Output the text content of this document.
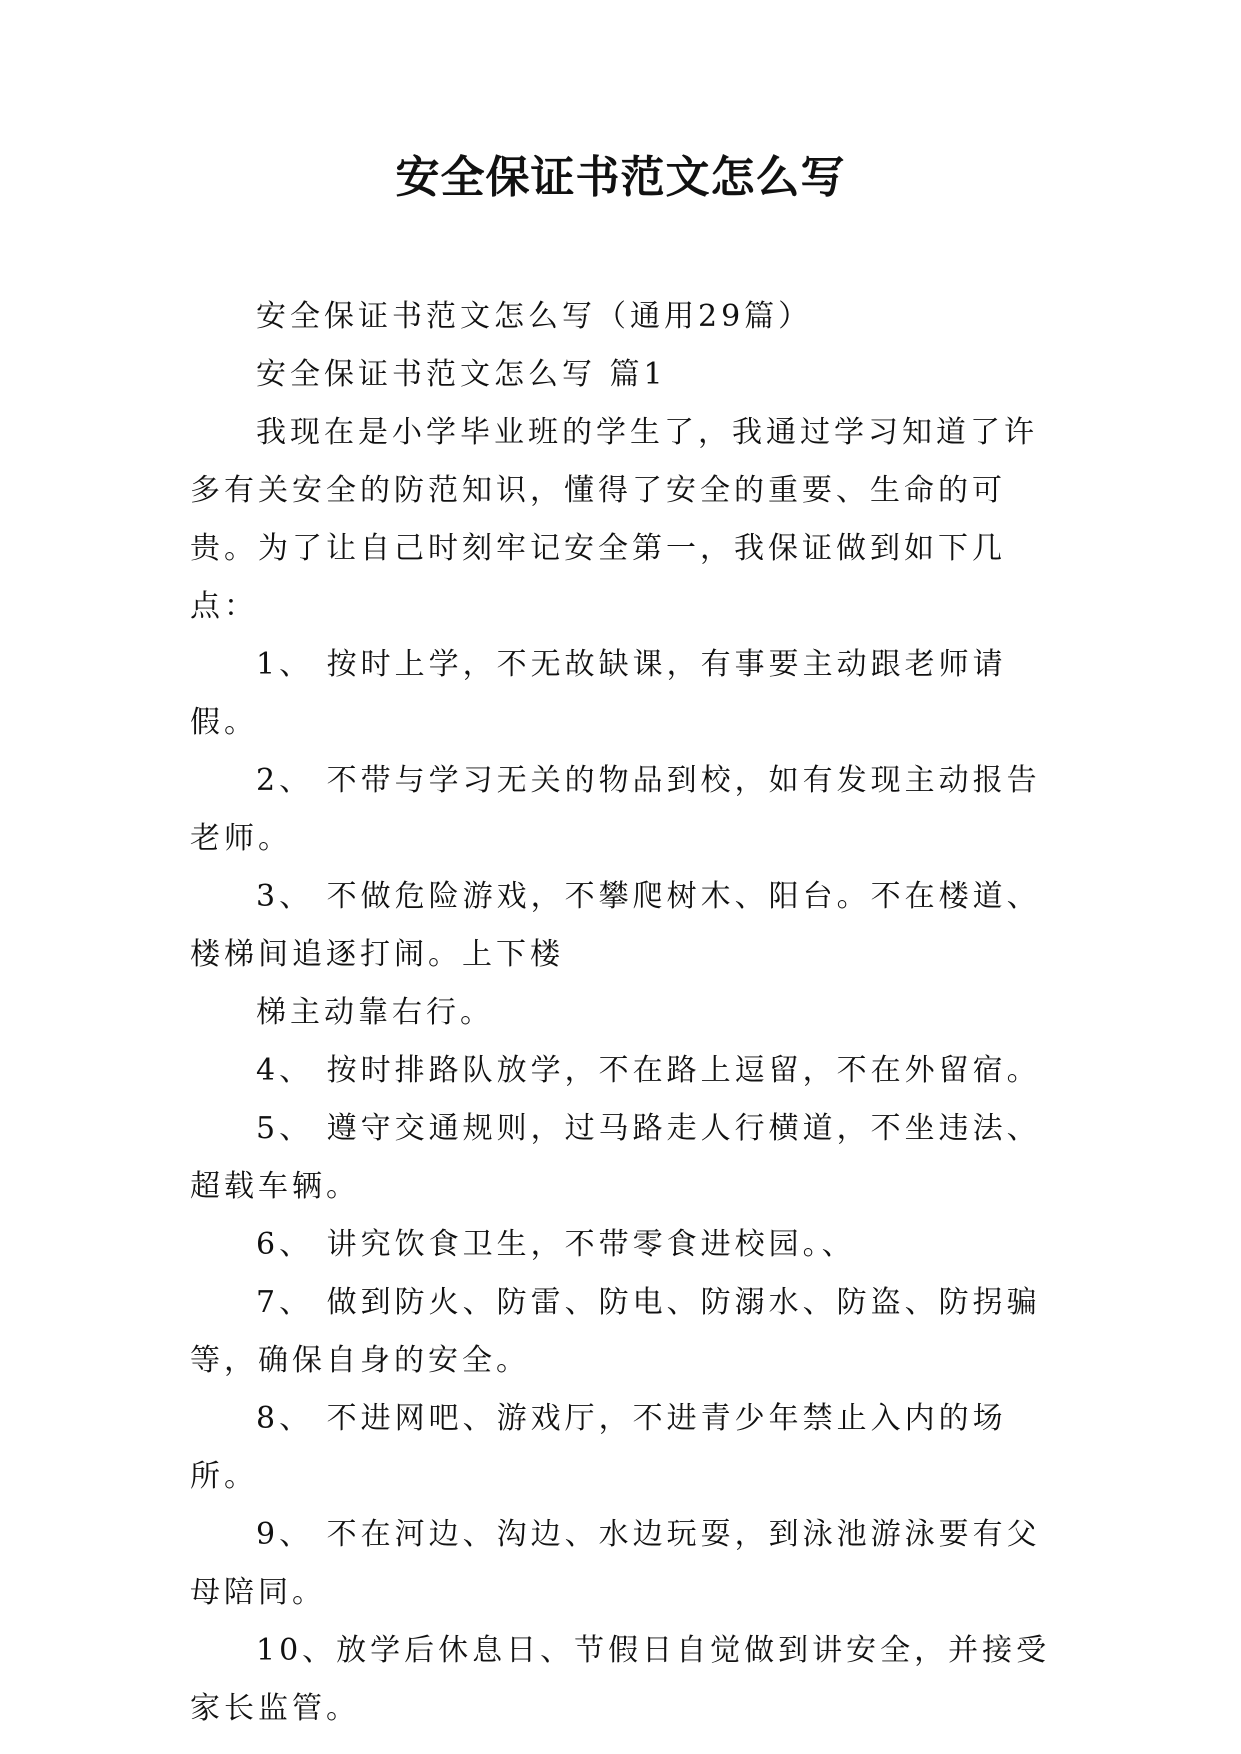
安全保证书范文怎么写

安全保证书范文怎么写（通用29篇）

安全保证书范文怎么写 篇1

我现在是小学毕业班的学生了，我通过学习知道了许多有关安全的防范知识，懂得了安全的重要、生命的可贵。为了让自己时刻牢记安全第一，我保证做到如下几点：

1、 按时上学，不无故缺课，有事要主动跟老师请假。

2、 不带与学习无关的物品到校，如有发现主动报告老师。

3、 不做危险游戏，不攀爬树木、阳台。不在楼道、楼梯间追逐打闹。上下楼

梯主动靠右行。

4、 按时排路队放学，不在路上逗留，不在外留宿。

5、 遵守交通规则，过马路走人行横道，不坐违法、超载车辆。

6、 讲究饮食卫生，不带零食进校园。、

7、 做到防火、防雷、防电、防溺水、防盗、防拐骗等，确保自身的安全。

8、 不进网吧、游戏厅，不进青少年禁止入内的场所。

9、 不在河边、沟边、水边玩耍，到泳池游泳要有父母陪同。

10、放学后休息日、节假日自觉做到讲安全，并接受家长监管。
